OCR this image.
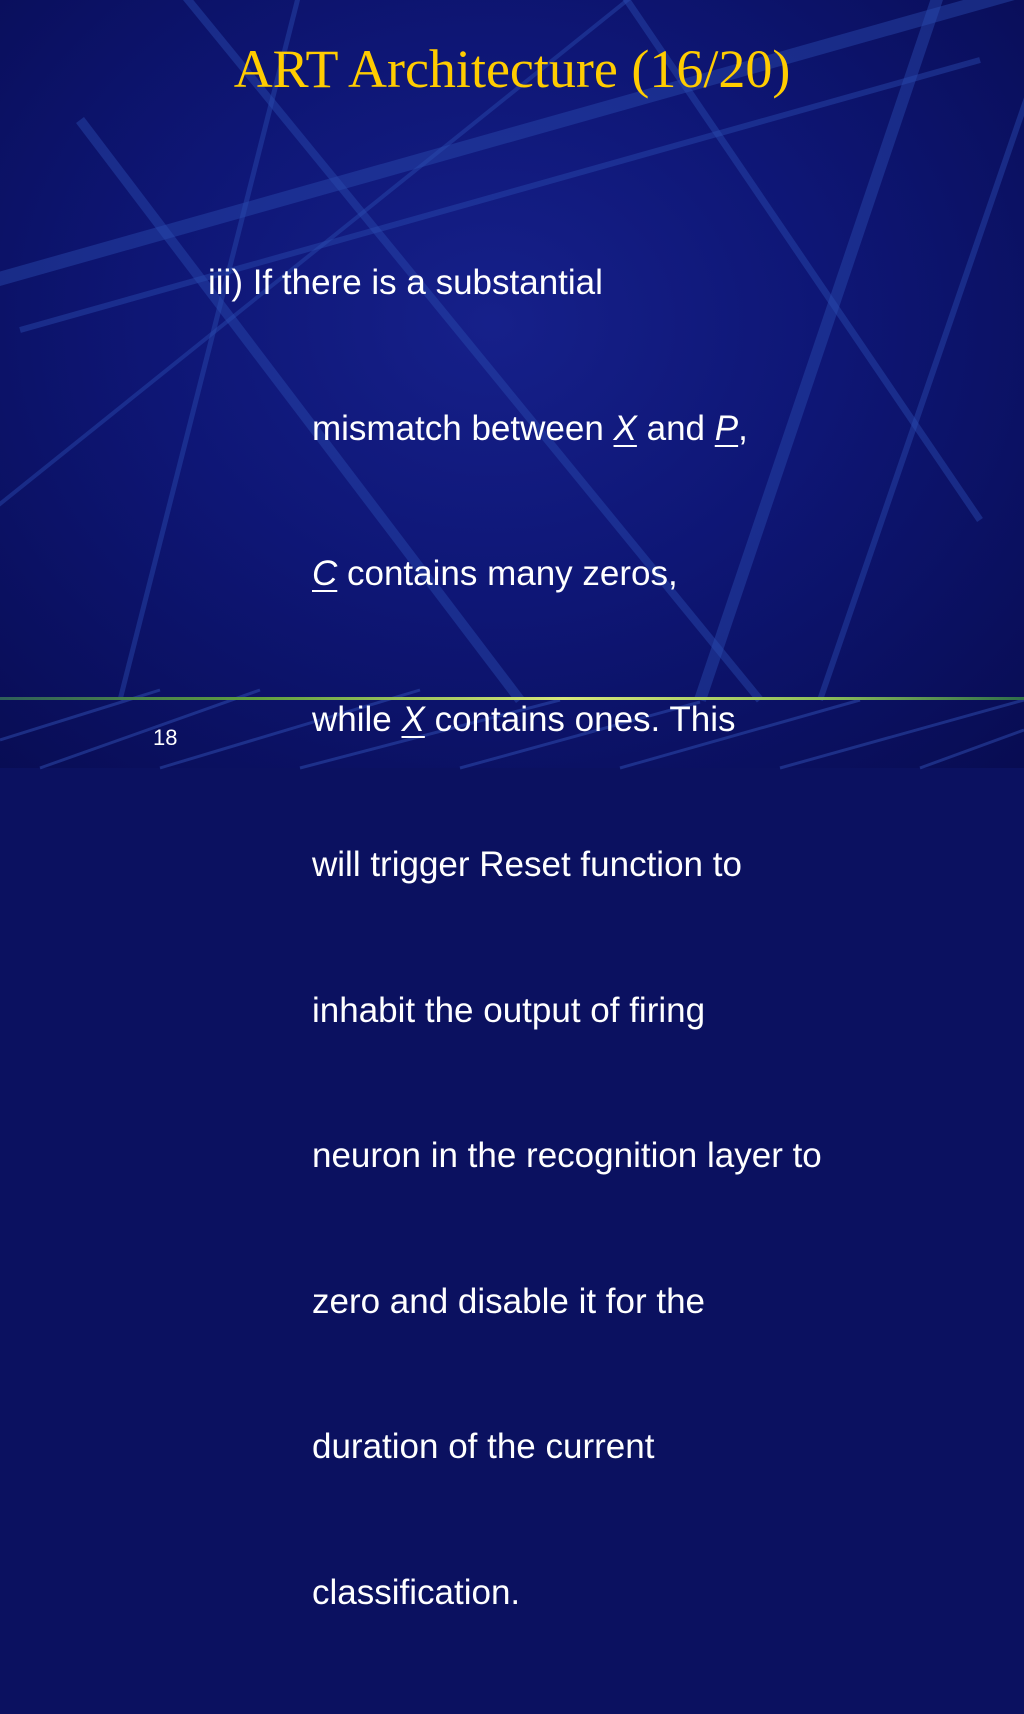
ART Architecture (16/20)

iii) If there is a substantial

mismatch between X and P,

C contains many zeros,

while X contains ones. This

will trigger Reset function to

inhabit the output of firing

neuron in the recognition layer to

zero and disable it for the

duration of the current

classification.

18
